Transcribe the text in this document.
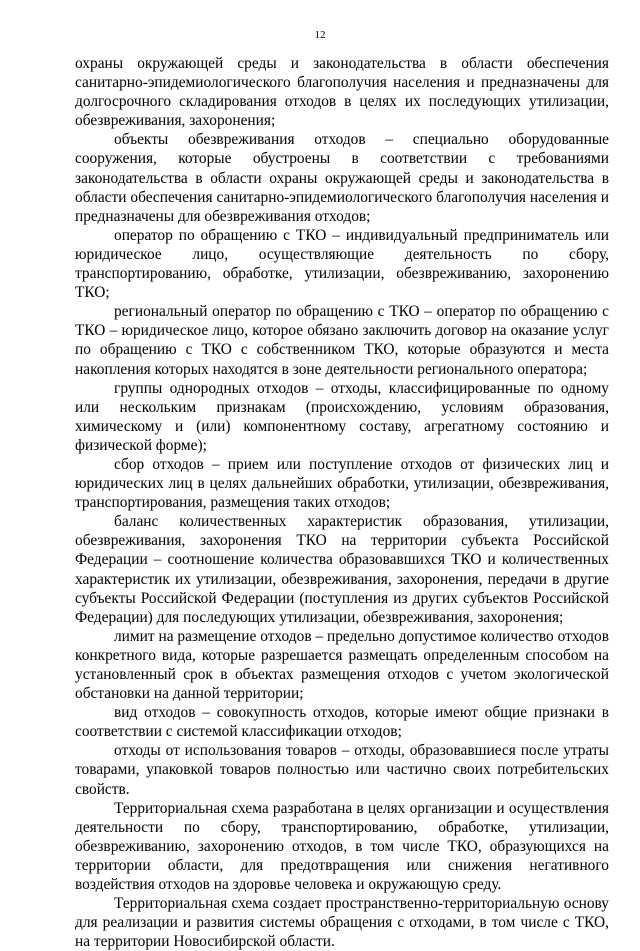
12

охраны окружающей среды и законодательства в области обеспечения санитарно-эпидемиологического благополучия населения и предназначены для долгосрочного складирования отходов в целях их последующих утилизации, обезвреживания, захоронения;

объекты обезвреживания отходов – специально оборудованные сооружения, которые обустроены в соответствии с требованиями законодательства в области охраны окружающей среды и законодательства в области обеспечения санитарно-эпидемиологического благополучия населения и предназначены для обезвреживания отходов;

оператор по обращению с ТКО – индивидуальный предприниматель или юридическое лицо, осуществляющие деятельность по сбору, транспортированию, обработке, утилизации, обезвреживанию, захоронению ТКО;

региональный оператор по обращению с ТКО – оператор по обращению с ТКО – юридическое лицо, которое обязано заключить договор на оказание услуг по обращению с ТКО с собственником ТКО, которые образуются и места накопления которых находятся в зоне деятельности регионального оператора;

группы однородных отходов – отходы, классифицированные по одному или нескольким признакам (происхождению, условиям образования, химическому и (или) компонентному составу, агрегатному состоянию и физической форме);

сбор отходов – прием или поступление отходов от физических лиц и юридических лиц в целях дальнейших обработки, утилизации, обезвреживания, транспортирования, размещения таких отходов;

баланс количественных характеристик образования, утилизации, обезвреживания, захоронения ТКО на территории субъекта Российской Федерации – соотношение количества образовавшихся ТКО и количественных характеристик их утилизации, обезвреживания, захоронения, передачи в другие субъекты Российской Федерации (поступления из других субъектов Российской Федерации) для последующих утилизации, обезвреживания, захоронения;

лимит на размещение отходов – предельно допустимое количество отходов конкретного вида, которые разрешается размещать определенным способом на установленный срок в объектах размещения отходов с учетом экологической обстановки на данной территории;

вид отходов – совокупность отходов, которые имеют общие признаки в соответствии с системой классификации отходов;

отходы от использования товаров – отходы, образовавшиеся после утраты товарами, упаковкой товаров полностью или частично своих потребительских свойств.

Территориальная схема разработана в целях организации и осуществления деятельности по сбору, транспортированию, обработке, утилизации, обезвреживанию, захоронению отходов, в том числе ТКО, образующихся на территории области, для предотвращения или снижения негативного воздействия отходов на здоровье человека и окружающую среду.

Территориальная схема создает пространственно-территориальную основу для реализации и развития системы обращения с отходами, в том числе с ТКО, на территории Новосибирской области.
